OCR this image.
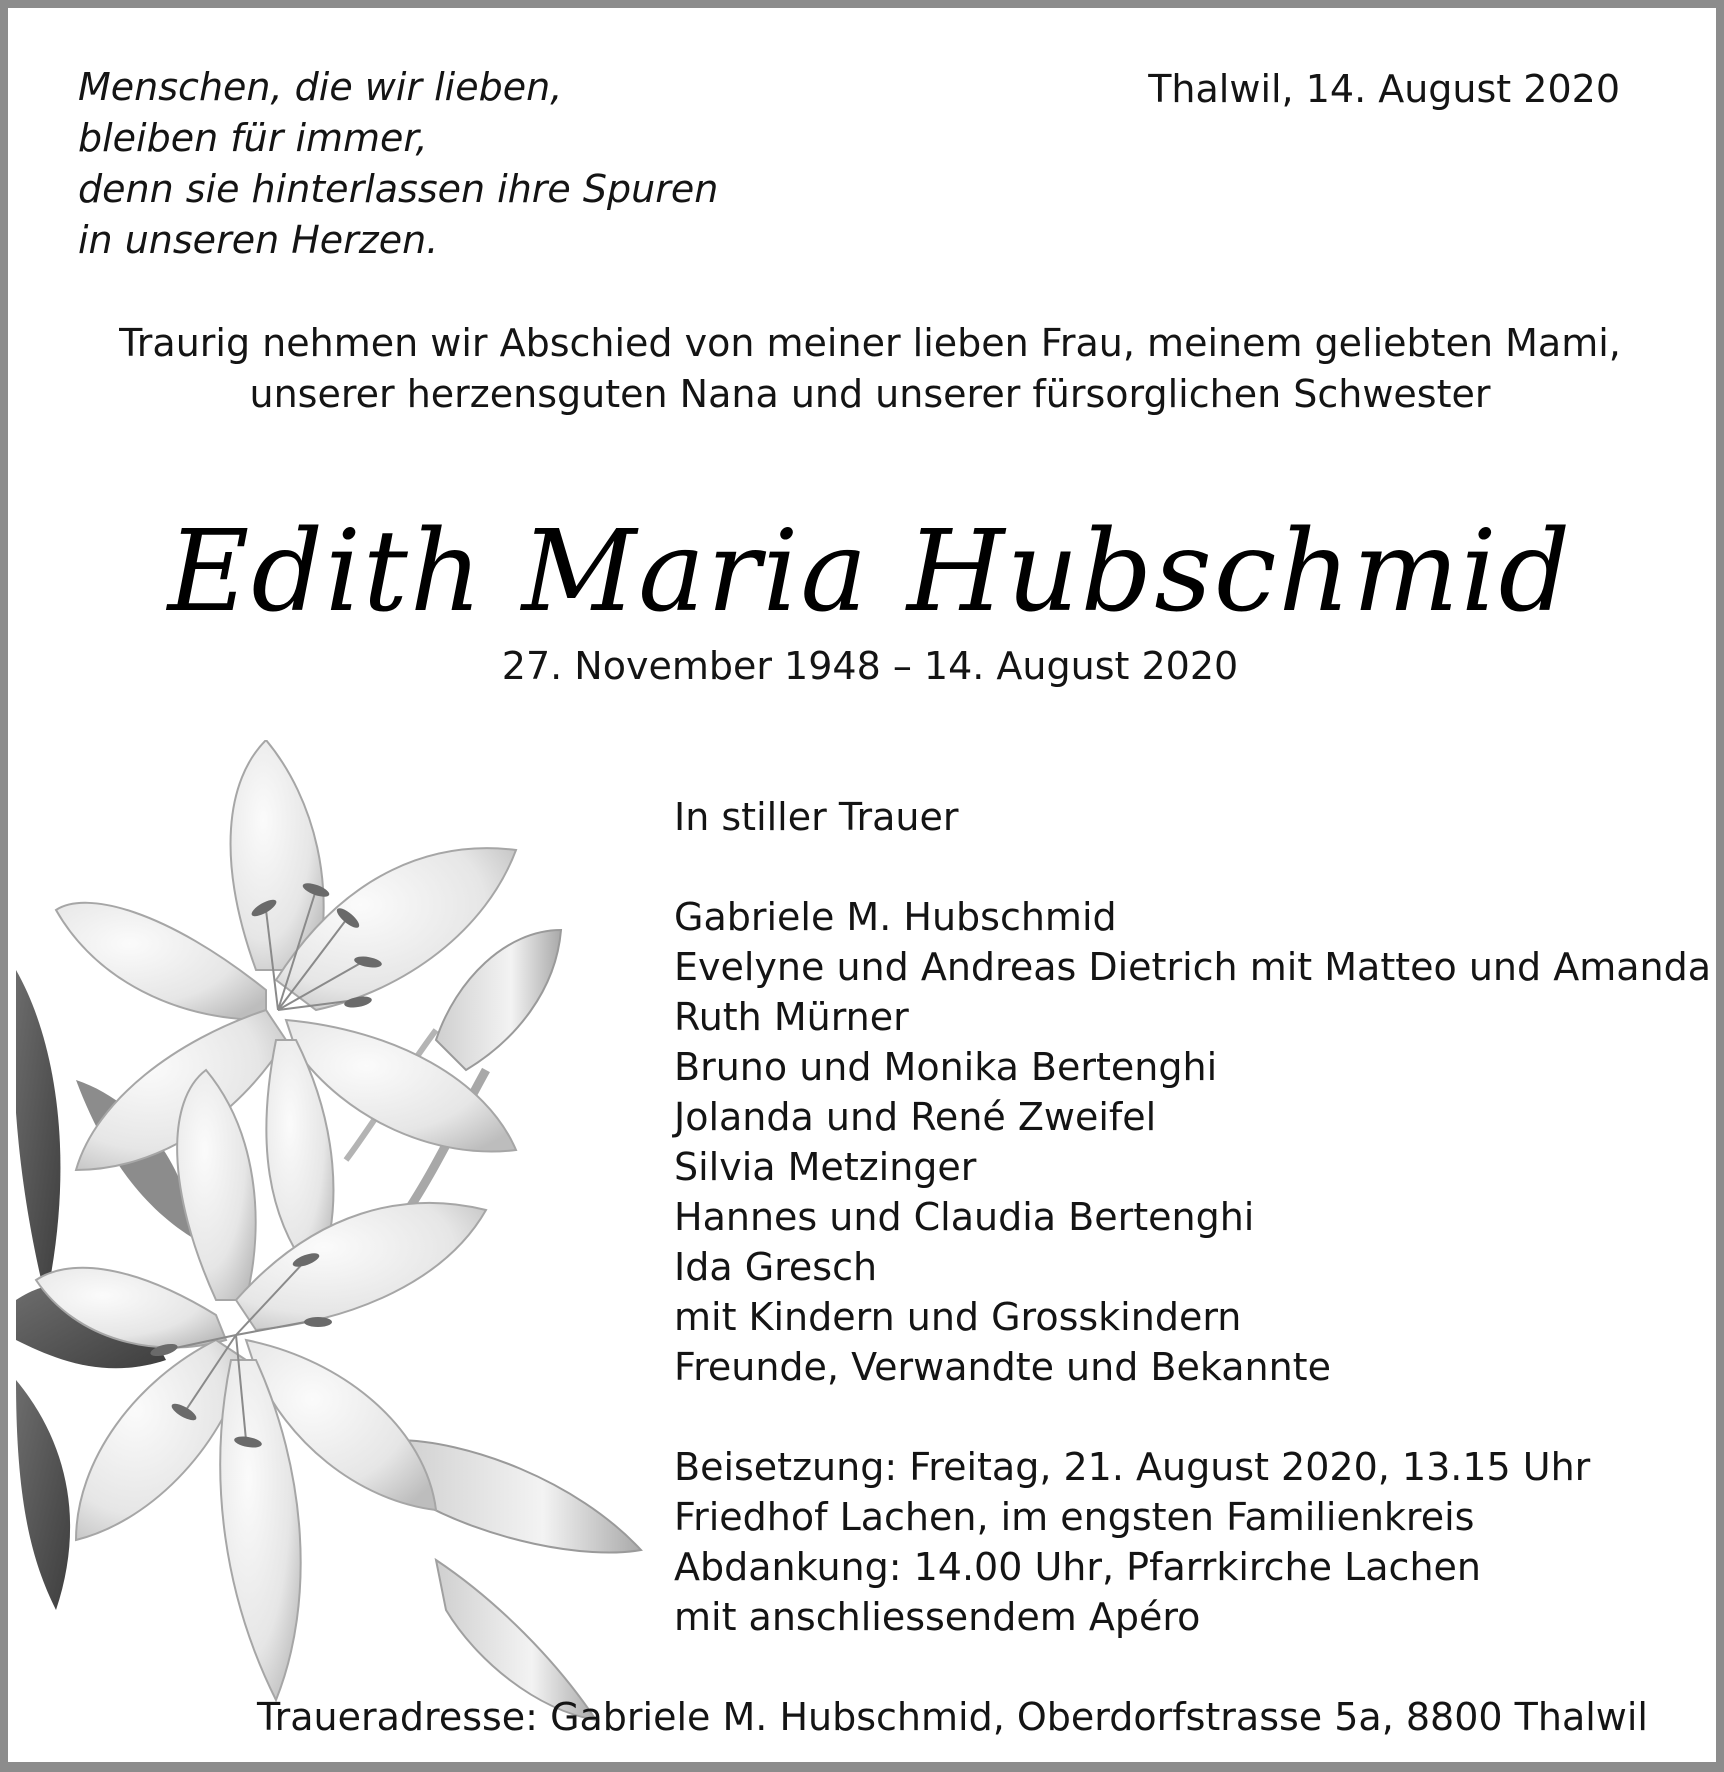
Menschen, die wir lieben,
bleiben für immer,
denn sie hinterlassen ihre Spuren
in unseren Herzen.
Thalwil, 14. August 2020
Traurig nehmen wir Abschied von meiner lieben Frau, meinem geliebten Mami,
unserer herzensguten Nana und unserer fürsorglichen Schwester
Edith Maria Hubschmid
27. November 1948 – 14. August 2020
In stiller Trauer
Gabriele M. Hubschmid
Evelyne und Andreas Dietrich mit Matteo und Amanda
Ruth Mürner
Bruno und Monika Bertenghi
Jolanda und René Zweifel
Silvia Metzinger
Hannes und Claudia Bertenghi
Ida Gresch
mit Kindern und Grosskindern
Freunde, Verwandte und Bekannte
Beisetzung: Freitag, 21. August 2020, 13.15 Uhr
Friedhof Lachen, im engsten Familienkreis
Abdankung: 14.00 Uhr, Pfarrkirche Lachen
mit anschliessendem Apéro
Traueradresse: Gabriele M. Hubschmid, Oberdorfstrasse 5a, 8800 Thalwil
